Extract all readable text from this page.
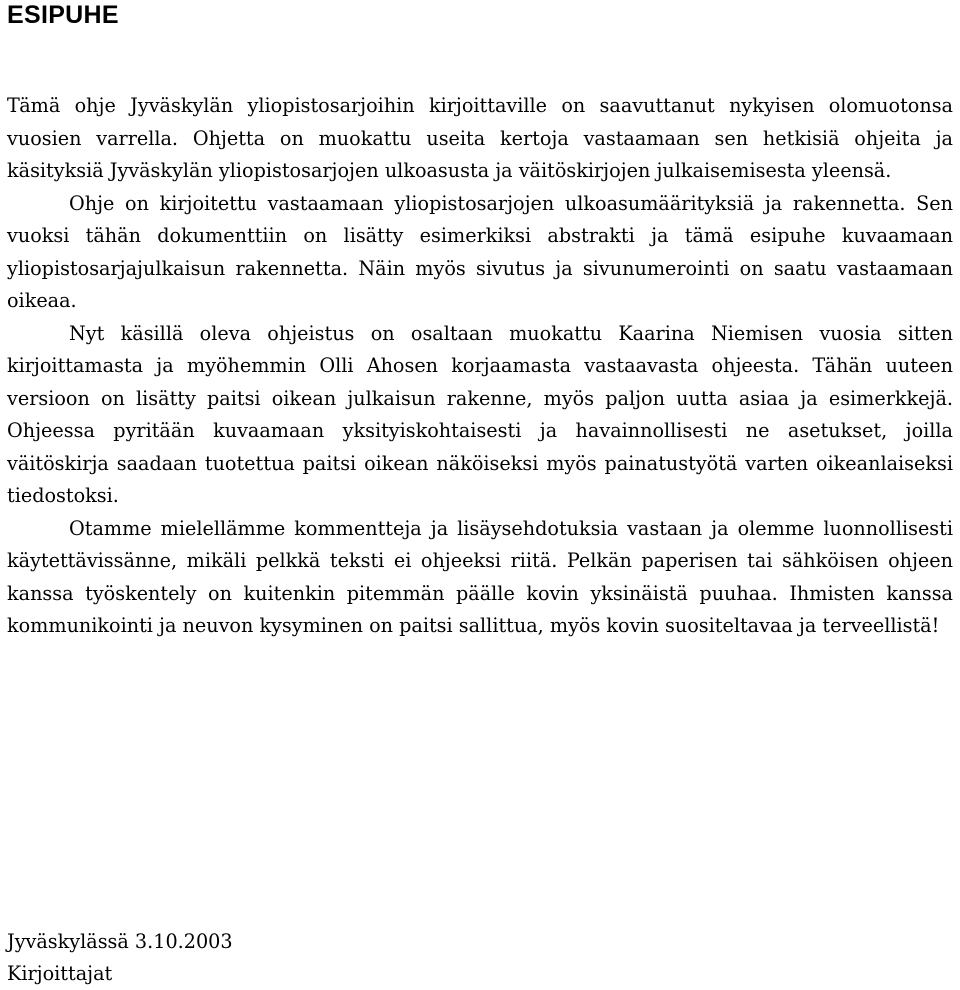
ESIPUHE

Tämä ohje Jyväskylän yliopistosarjoihin kirjoittaville on saavuttanut nykyisen olomuotonsa vuosien varrella. Ohjetta on muokattu useita kertoja vastaamaan sen hetkisiä ohjeita ja käsityksiä Jyväskylän yliopistosarjojen ulkoasusta ja väitöskirjojen julkaisemisesta yleensä.

Ohje on kirjoitettu vastaamaan yliopistosarjojen ulkoasumäärityksiä ja rakennetta. Sen vuoksi tähän dokumenttiin on lisätty esimerkiksi abstrakti ja tämä esipuhe kuvaamaan yliopistosarjajulkaisun rakennetta. Näin myös sivutus ja sivunumerointi on saatu vastaamaan oikeaa.

Nyt käsillä oleva ohjeistus on osaltaan muokattu Kaarina Niemisen vuosia sitten kirjoittamasta ja myöhemmin Olli Ahosen korjaamasta vastaavasta ohjeesta. Tähän uuteen versioon on lisätty paitsi oikean julkaisun rakenne, myös paljon uutta asiaa ja esimerkkejä. Ohjeessa pyritään kuvaamaan yksityiskohtaisesti ja havainnollisesti ne asetukset, joilla väitöskirja saadaan tuotettua paitsi oikean näköiseksi myös painatustyötä varten oikeanlaiseksi tiedostoksi.

Otamme mielellämme kommentteja ja lisäysehdotuksia vastaan ja olemme luonnollisesti käytettävissänne, mikäli pelkkä teksti ei ohjeeksi riitä. Pelkän paperisen tai sähköisen ohjeen kanssa työskentely on kuitenkin pitemmän päälle kovin yksinäistä puuhaa. Ihmisten kanssa kommunikointi ja neuvon kysyminen on paitsi sallittua, myös kovin suositeltavaa ja terveellistä!

Jyväskylässä 3.10.2003
Kirjoittajat
